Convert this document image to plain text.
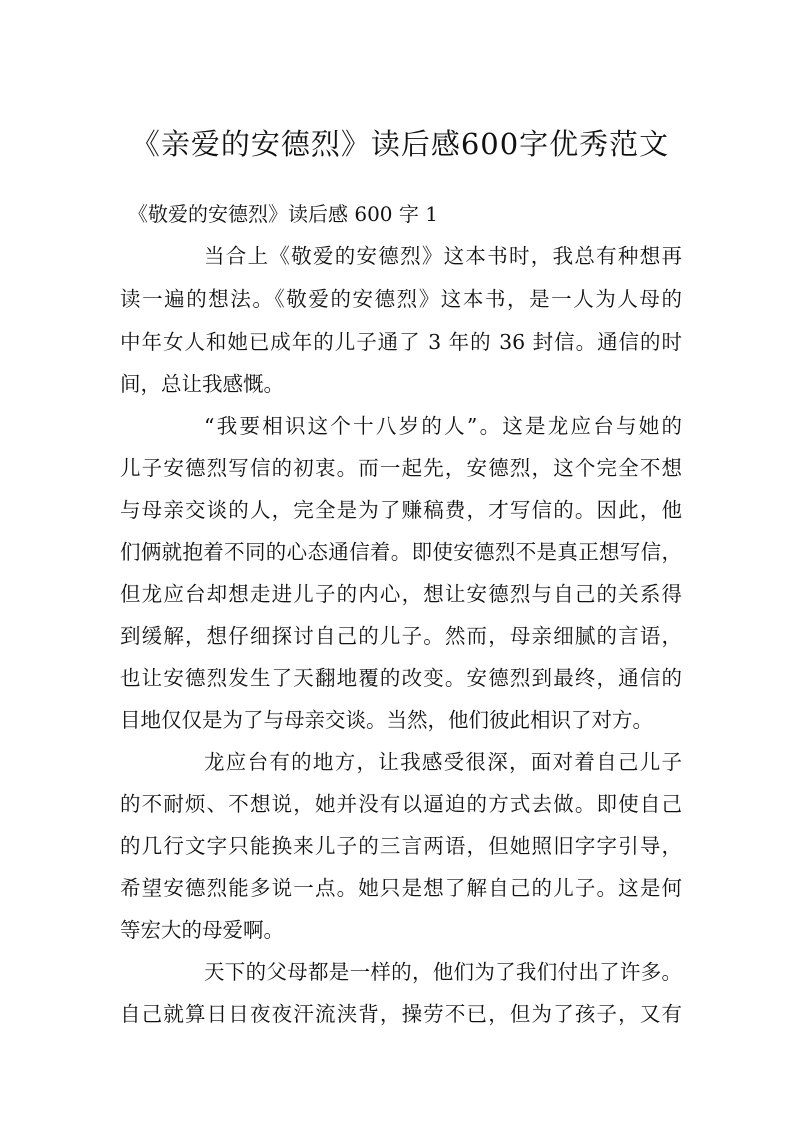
《亲爱的安德烈》读后感600字优秀范文
《敬爱的安德烈》读后感 600 字 1
当合上《敬爱的安德烈》这本书时，我总有种想再
读一遍的想法。《敬爱的安德烈》这本书，是一人为人母的
中年女人和她已成年的儿子通了 3 年的 36 封信。通信的时
间，总让我感慨。
“我要相识这个十八岁的人”。这是龙应台与她的
儿子安德烈写信的初衷。而一起先，安德烈，这个完全不想
与母亲交谈的人，完全是为了赚稿费，才写信的。因此，他
们俩就抱着不同的心态通信着。即使安德烈不是真正想写信，
但龙应台却想走进儿子的内心，想让安德烈与自己的关系得
到缓解，想仔细探讨自己的儿子。然而，母亲细腻的言语，
也让安德烈发生了天翻地覆的改变。安德烈到最终，通信的
目地仅仅是为了与母亲交谈。当然，他们彼此相识了对方。
龙应台有的地方，让我感受很深，面对着自己儿子
的不耐烦、不想说，她并没有以逼迫的方式去做。即使自己
的几行文字只能换来儿子的三言两语，但她照旧字字引导，
希望安德烈能多说一点。她只是想了解自己的儿子。这是何
等宏大的母爱啊。
天下的父母都是一样的，他们为了我们付出了许多。
自己就算日日夜夜汗流浃背，操劳不已，但为了孩子，又有
